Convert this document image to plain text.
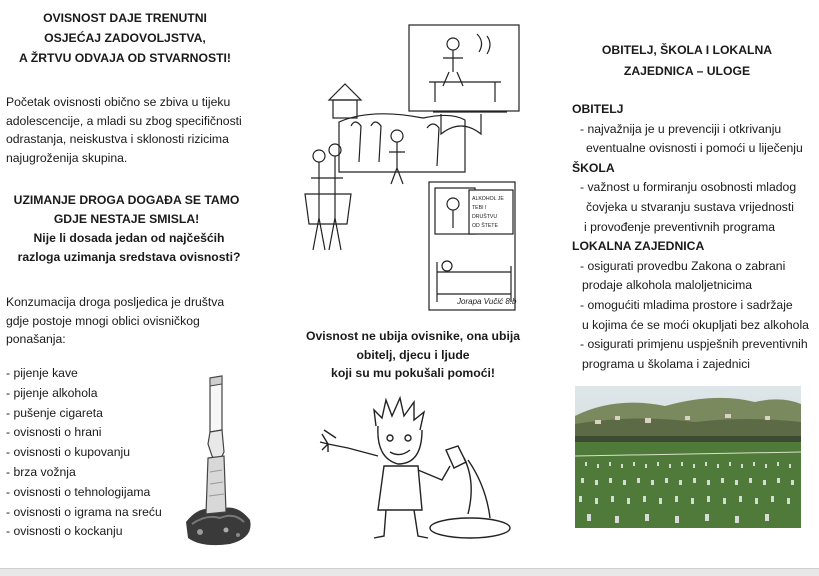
OVISNOST DAJE TRENUTNI
OSJEĆAJ ZADOVOLJSTVA,
A ŽRTVU ODVAJA OD STVARNOSTI!
Početak ovisnosti obično se zbiva u tijeku
adolescencije, a mladi su zbog specifičnosti
odrastanja, neiskustva i sklonosti rizicima
najugroženija skupina.
UZIMANJE DROGA DOGAĐA SE TAMO
GDJE NESTAJE SMISLA!
Nije li dosada jedan od najčešćih
razloga uzimanja sredstava ovisnosti?
Konzumacija droga posljedica je društva
gdje postoje mnogi oblici ovisničkog
ponašanja:
- pijenje kave
- pijenje alkohola
- pušenje cigareta
- ovisnosti o hrani
- ovisnosti o kupovanju
- brza vožnja
- ovisnosti o tehnologijama
- ovisnosti o igrama na sreću
- ovisnosti o kockanju
ALKOHOL JE
TEBI I
DRUŠTVU
OD ŠTETE
Jorapa Vučić 8.b
Ovisnost ne ubija ovisnike, ona ubija
obitelj, djecu i ljude
koji su mu pokušali pomoći!
OBITELJ, ŠKOLA I LOKALNA
ZAJEDNICA – ULOGE
OBITELJ
- najvažnija je u prevenciji i otkrivanju
eventualne ovisnosti i pomoći u liječenju
ŠKOLA
- važnost u formiranju osobnosti mladog
čovjeka u stvaranju sustava vrijednosti
i provođenje preventivnih programa
LOKALNA ZAJEDNICA
- osigurati provedbu Zakona o zabrani
prodaje alkohola maloljetnicima
- omogućiti mladima prostore i sadržaje
u kojima će se moći okupljati bez alkohola
- osigurati primjenu uspješnih preventivnih
programa u školama i zajednici
